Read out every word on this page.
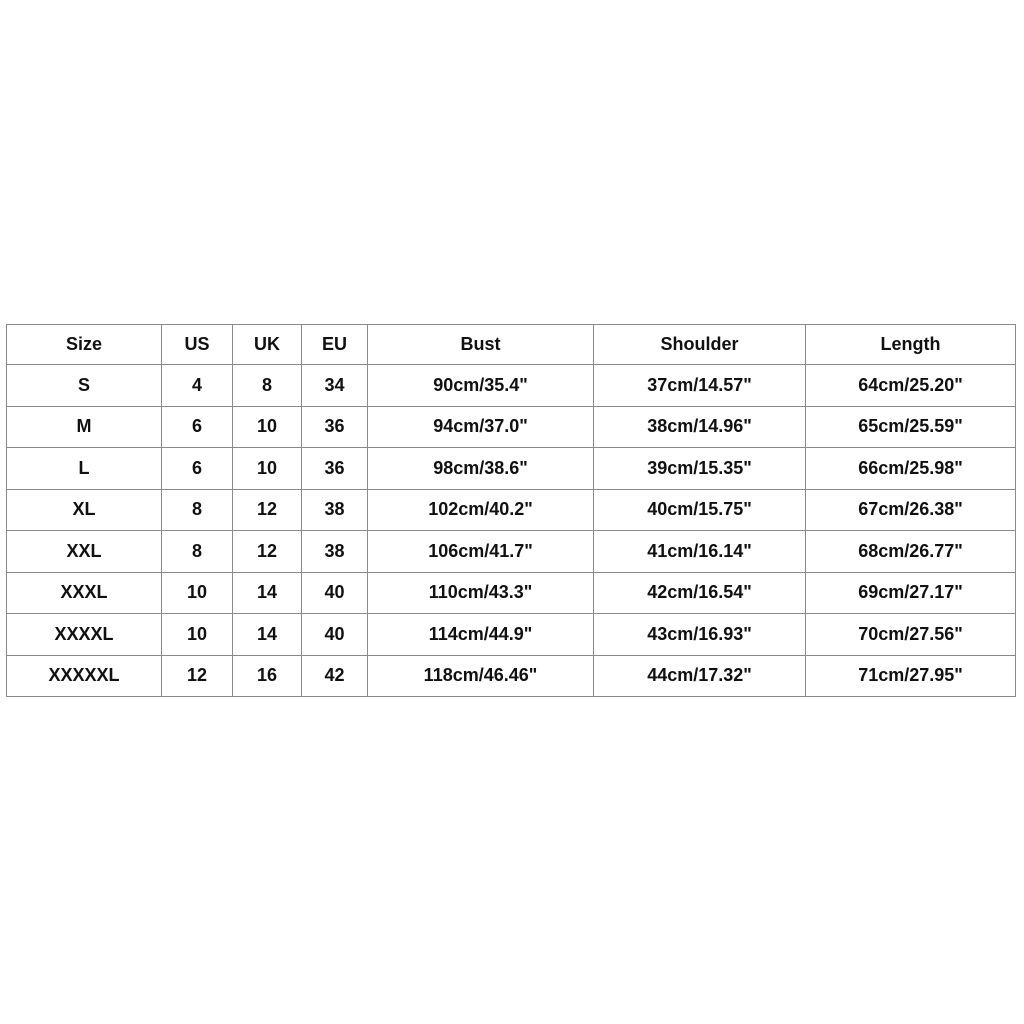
Size	US	UK	EU	Bust	Shoulder	Length
S	4	8	34	90cm/35.4"	37cm/14.57"	64cm/25.20"
M	6	10	36	94cm/37.0"	38cm/14.96"	65cm/25.59"
L	6	10	36	98cm/38.6"	39cm/15.35"	66cm/25.98"
XL	8	12	38	102cm/40.2"	40cm/15.75"	67cm/26.38"
XXL	8	12	38	106cm/41.7"	41cm/16.14"	68cm/26.77"
XXXL	10	14	40	110cm/43.3"	42cm/16.54"	69cm/27.17"
XXXXL	10	14	40	114cm/44.9"	43cm/16.93"	70cm/27.56"
XXXXXL	12	16	42	118cm/46.46"	44cm/17.32"	71cm/27.95"
